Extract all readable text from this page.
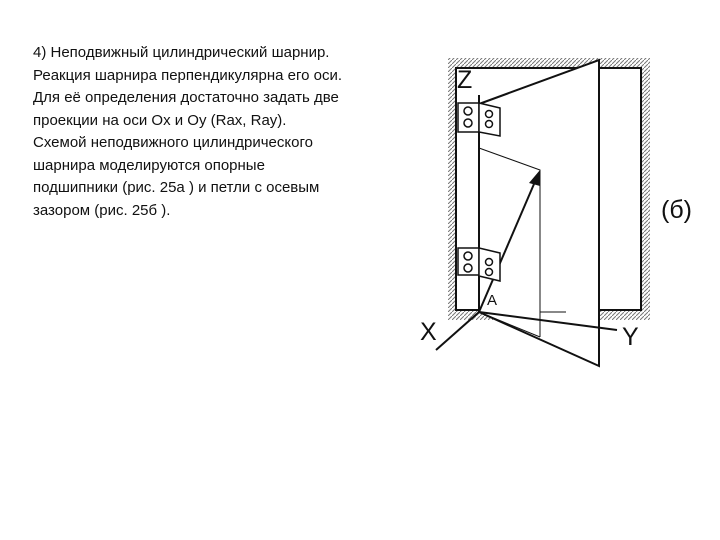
4) Неподвижный цилиндрический шарнир.
Реакция шарнира перпендикулярна его оси.
Для её определения достаточно задать две
проекции на оси Ox и Oy (Rax, Ray).
Схемой неподвижного цилиндрического
шарнира моделируются опорные
подшипники (рис. 25а ) и петли с осевым
зазором (рис. 25б ).
Z
X	Y
A
(б)
